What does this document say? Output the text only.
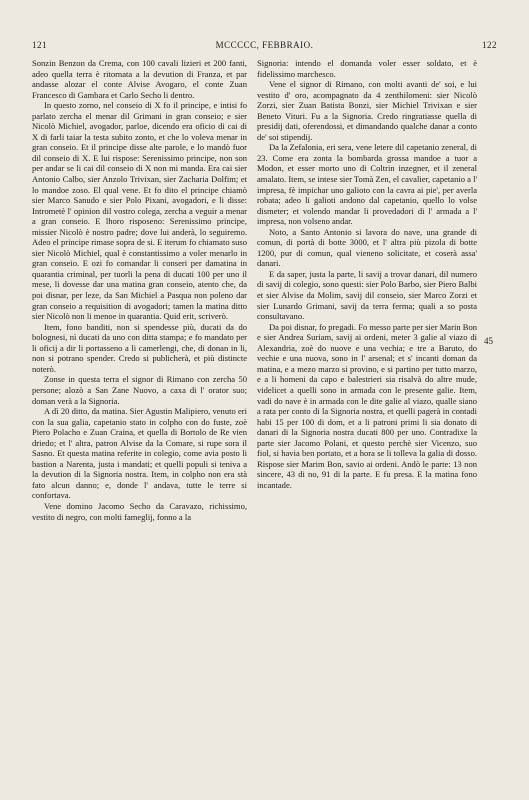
121	MCCCCC, FEBBRAIO.	122

Sonzin Benzon da Crema, con 100 cavali lizieri et 200 fanti, adeo quella terra è ritornata a la devution di Franza, et par andasse alozar el conte Alvise Avogaro, el conte Zuan Francesco di Gambara et Carlo Secho li dentro.

In questo zorno, nel conseio di X fo il principe, e intisi fo parlato zercha el menar dil Grimani in gran conseio; e sier Nicolò Michiel, avogador, parloe, dicendo era oficio di cai di X di farli taiar la testa subito zonto, et che lo voleva menar in gran conseio. Et il principe disse alte parole, e lo mandò fuor dil conseio di X. E lui rispose: Serenissimo principe, non son per andar se li cai dil conseio di X non mi manda. Era cai sier Antonio Calbo, sier Anzolo Trivixan, sier Zacharia Dolfim; et lo mandoe zoso. El qual vene. Et fo dito el principe chiamò sier Marco Sanudo e sier Polo Pixani, avogadori, e li disse: Intrometè l' opinion dil vostro colega, zercha a veguir a menar a gran conseio. E lhoro risposeno: Serenissimo principe, missier Nicolò è nostro padre; dove lui anderà, lo seguiremo. Adeo el principe rimase sopra de si. E iterum fo chiamato suso sier Nicolò Michiel, qual è constantissimo a voler menarlo in gran conseio. E ozi fo comandar li conseri per damatina in quarantia criminal, per tuorli la pena di ducati 100 per uno il mese, li dovesse dar una matina gran conseio, atento che, da poi disnar, per leze, da San Michiel a Pasqua non poleno dar gran conseio a requisition di avogadori; tamen la matina ditto sier Nicolò non li menoe in quarantia. Quid erit, scriverò.

Item, fono banditi, non si spendesse più, ducati da do bolognesi, nì ducati da uno con ditta stampa; e fo mandato per li oficij a dir li portasseno a li camerlengi, che, di donan in li, non si potrano spender. Credo si publicherà, et più distincte noterò.

Zonse in questa terra el signor di Rimano con zercha 50 persone; alozò a San Zane Nuovo, a caxa di l' orator suo; doman verà a la Signoria.

A dì 20 ditto, da matina. Sier Agustin Malipiero, venuto eri con la sua galia, capetanio stato in colpho con do fuste, zoè Piero Polacho e Zuan Craina, et quella di Bortolo de Re vien driedo; et l' altra, patron Alvise da la Comare, si rupe sora il Sasno. Et questa matina referite in colegio, come avia posto li bastion a Narenta, justa i mandati; et quelli populi si teniva a la devution di la Signoria nostra. Item, in colpho non era stà fato alcun danno; e, donde l' andava, tutte le terre si confortava.

Vene domino Jacomo Secho da Caravazo, richissimo, vestito di negro, con molti fameglij, fonno a la

Signoria: intendo el domanda voler esser soldato, et è fidelissimo marchesco.

Vene el signor di Rimano, con molti avanti de' soi, e lui vestito d' oro, acompagnato da 4 zenthilomeni: sier Nicolò Zorzi, sier Zuan Batista Bonzi, sier Michiel Trivixan e sier Beneto Vituri. Fu a la Signoria. Credo ringratiasse quella di presidij dati, oferendossi, et dimandando qualche danar a conto de' soi stipendij.

Da la Zefalonia, eri sera, vene letere dil capetanio zeneral, di 23. Come era zonta la bombarda grossa mandoe a tuor a Modon, et esser morto uno di Coltrin inzegner, et il zeneral amalato. Item, se intese sier Tomà Zen, el cavalier, capetanio a l' impresa, fè impichar uno galioto con la cavra ai pie', per averla robata; adeo li galioti andono dal capetanio, quello lo volse dismeter; et volendo mandar li provedadori di l' armada a l' impresa, non volseno andar.

Noto, a Santo Antonio si lavora do nave, una grande di comun, di portà di botte 3000, et l' altra più pizola di botte 1200, pur di comun, qual vieneno solicitate, et coserà assa' danari.

E da saper, justa la parte, li savij a trovar danari, dil numero di savij di colegio, sono questi: sier Polo Barbo, sier Piero Balbi et sier Alvise da Molim, savij dil conseio, sier Marco Zorzi et sier Lunardo Grimani, savij da terra ferma; quali a so posta consultavano.

Da poi disnar, fo pregadi. Fo messo parte per sier Marin Bon e sier Andrea Suriam, savij ai ordeni, meter 3 galie al viazo di Alexandria, zoè do nuove e una vechia; e tre a Baruto, do vechie e una nuova, sono in l' arsenal; et s' incanti doman da matina, e a mezo marzo si provino, e si partino per tutto marzo, e a li homeni da capo e balestrieri sia risalvà do altre mude, videlicet a quelli sono in armada con le presente galie. Item, vadi do nave è in armada con le dite galie al viazo, qualle siano a rata per conto di la Signoria nostra, et quelli pagerà in contadi habi 15 per 100 di dom, et a li patroni primi li sia donato di danari di la Signoria nostra ducati 800 per uno. Contradixe la parte sier Jacomo Polani, et questo perchè sier Vicenzo, suo fiol, si havia ben portato, et a hora se li tolleva la galia di dosso. Rispose sier Marim Bon, savio ai ordeni. Andò le parte: 13 non sincere, 43 di no, 91 di la parte. E fu presa. E la matina fono incantade.

45
